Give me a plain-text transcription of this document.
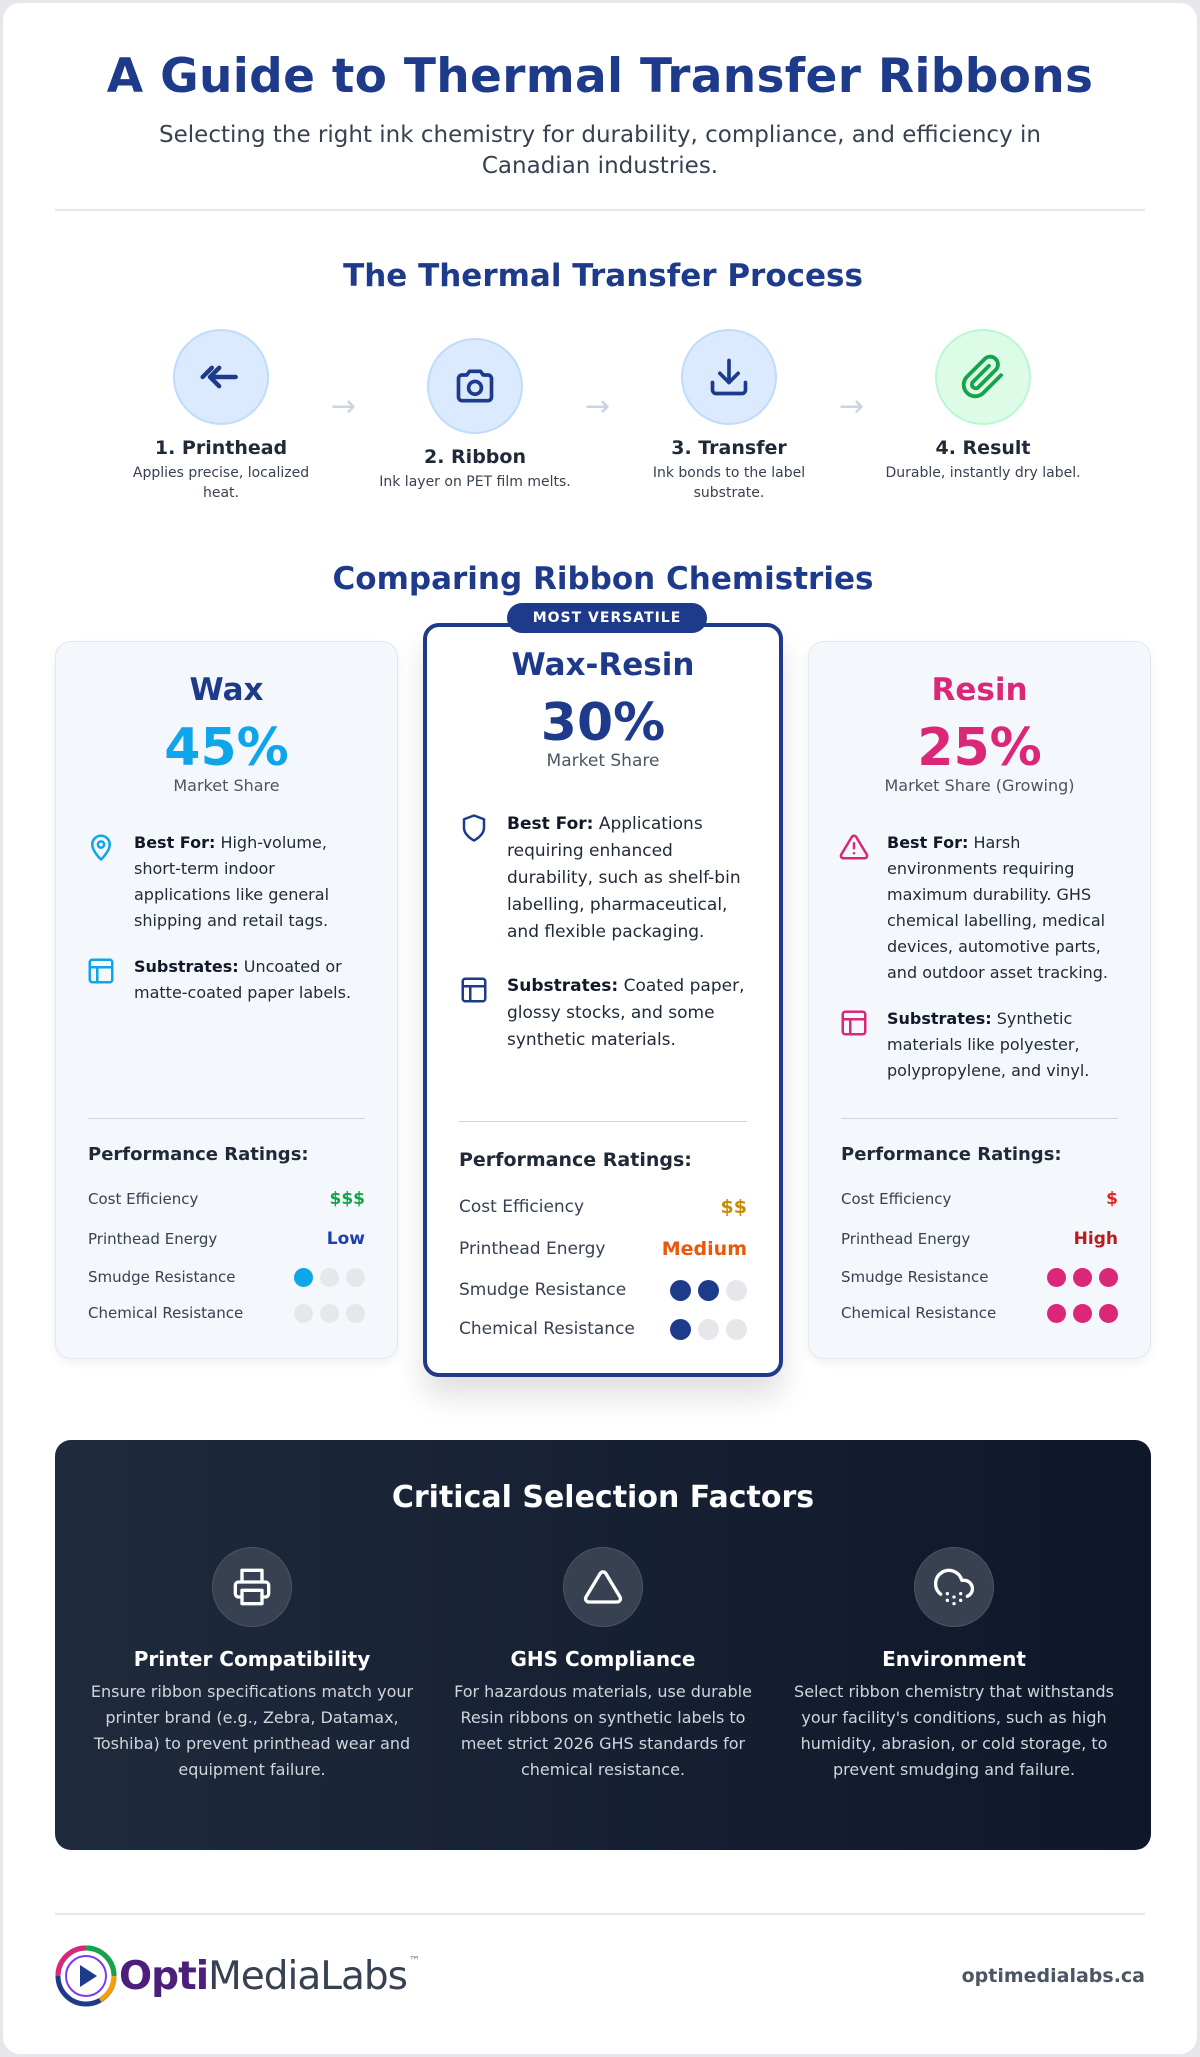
A Guide to Thermal Transfer Ribbons

Selecting the right ink chemistry for durability, compliance, and efficiency in Canadian industries.

The Thermal Transfer Process
1. Printhead

Applies precise, localized heat.

→
2. Ribbon

Ink layer on PET film melts.

→
3. Transfer

Ink bonds to the label substrate.

→
4. Result

Durable, instantly dry label.

Comparing Ribbon Chemistries
Wax
45%
Market Share
Best For: High-volume, short-term indoor applications like general shipping and retail tags.
Substrates: Uncoated or matte-coated paper labels.
Performance Ratings:
Cost Efficiency	$$$
Printhead Energy	Low
Smudge Resistance
Chemical Resistance
MOST VERSATILE
Wax-Resin
30%
Market Share
Best For: Applications requiring enhanced durability, such as shelf-bin labelling, pharmaceutical, and flexible packaging.
Substrates: Coated paper, glossy stocks, and some synthetic materials.
Performance Ratings:
Cost Efficiency	$$
Printhead Energy	Medium
Smudge Resistance
Chemical Resistance
Resin
25%
Market Share (Growing)
Best For: Harsh environments requiring maximum durability. GHS chemical labelling, medical devices, automotive parts, and outdoor asset tracking.
Substrates: Synthetic materials like polyester, polypropylene, and vinyl.
Performance Ratings:
Cost Efficiency	$
Printhead Energy	High
Smudge Resistance
Chemical Resistance
Critical Selection Factors
Printer Compatibility

Ensure ribbon specifications match your printer brand (e.g., Zebra, Datamax, Toshiba) to prevent printhead wear and equipment failure.

GHS Compliance

For hazardous materials, use durable Resin ribbons on synthetic labels to meet strict 2026 GHS standards for chemical resistance.

Environment

Select ribbon chemistry that withstands your facility's conditions, such as high humidity, abrasion, or cold storage, to prevent smudging and failure.

OptiMediaLabs ™
optimedialabs.ca
